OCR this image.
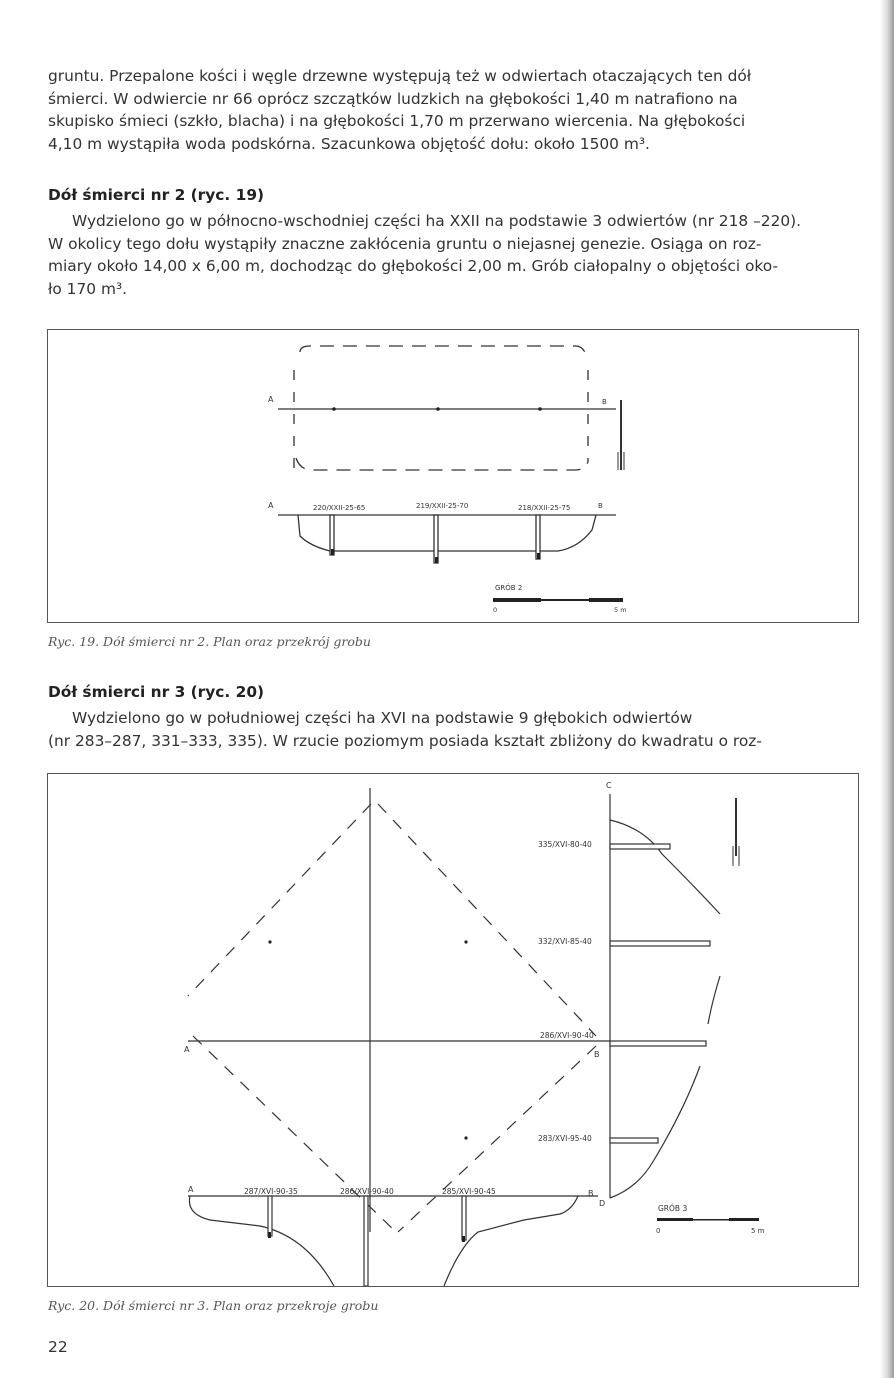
gruntu. Przepalone kości i węgle drzewne występują też w odwiertach otaczających ten dół
śmierci. W odwiercie nr 66 oprócz szczątków ludzkich na głębokości 1,40 m natrafiono na
skupisko śmieci (szkło, blacha) i na głębokości 1,70 m przerwano wiercenia. Na głębokości
4,10 m wystąpiła woda podskórna. Szacunkowa objętość dołu: około 1500 m³.
Dół śmierci nr 2 (ryc. 19)
Wydzielono go w północno-wschodniej części ha XXII na podstawie 3 odwiertów (nr 218 –220).
W okolicy tego dołu wystąpiły znaczne zakłócenia gruntu o niejasnej genezie. Osiąga on roz-
miary około 14,00 x 6,00 m, dochodząc do głębokości 2,00 m. Grób ciałopalny o objętości oko-
ło 170 m³.
A	B
A	B
220/XXII-25-65	219/XXII-25-70	218/XXII-25-75
GRÓB 2
0	5 m
Ryc. 19. Dół śmierci nr 2. Plan oraz przekrój grobu
Dół śmierci nr 3 (ryc. 20)
Wydzielono go w południowej części ha XVI na podstawie 9 głębokich odwiertów
(nr 283–287, 331–333, 335). W rzucie poziomym posiada kształt zbliżony do kwadratu o roz-
C
A
B
A	B
D
287/XVI-90-35	286/XVI-90-40	285/XVI-90-45
335/XVI-80-40
332/XVI-85-40
286/XVI-90-40
283/XVI-95-40
GRÓB 3
0	5 m
Ryc. 20. Dół śmierci nr 3. Plan oraz przekroje grobu
22
